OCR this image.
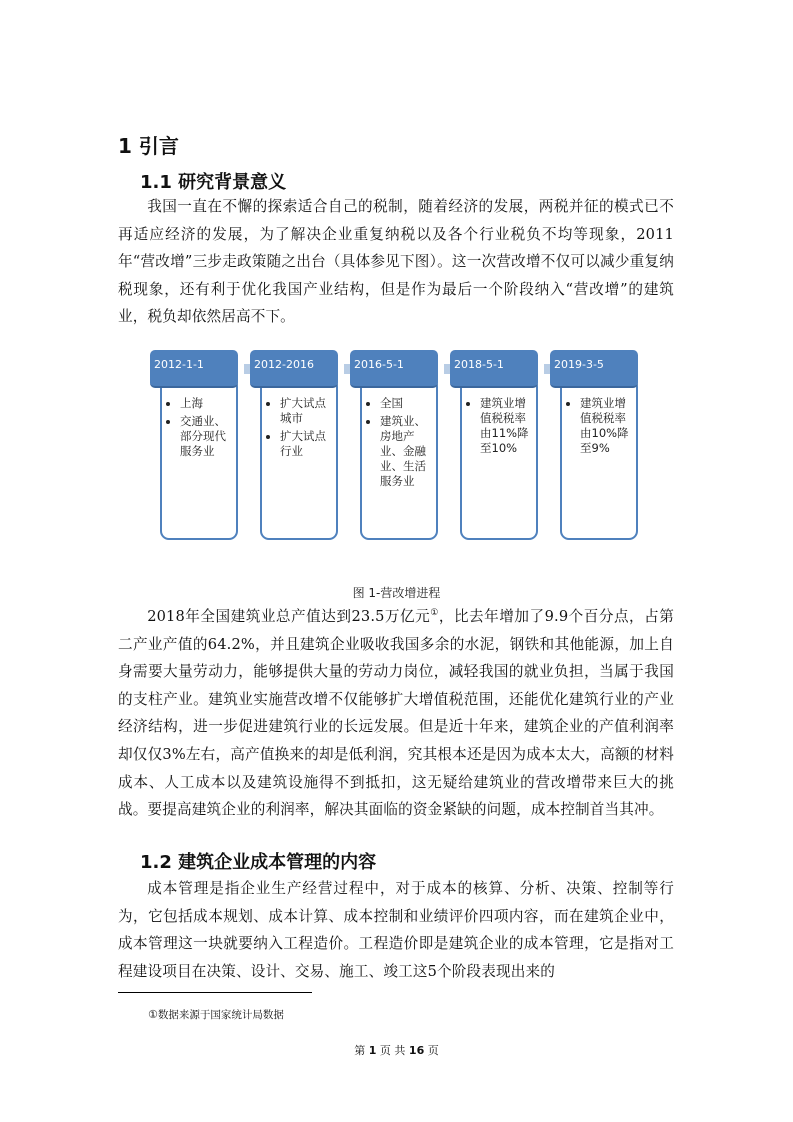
1 引言
1.1 研究背景意义
我国一直在不懈的探索适合自己的税制，随着经济的发展，两税并征的模式已不再适应经济的发展，为了解决企业重复纳税以及各个行业税负不均等现象，2011年“营改增”三步走政策随之出台（具体参见下图）。这一次营改增不仅可以减少重复纳税现象，还有利于优化我国产业结构，但是作为最后一个阶段纳入“营改增”的建筑业，税负却依然居高不下。
• 上海
• 交通业、部分现代服务业
2012-1-1
• 扩大试点城市
• 扩大试点行业
2012-2016
• 全国
• 建筑业、房地产业、金融业、生活服务业
2016-5-1
• 建筑业增值税税率由11%降至10%
2018-5-1
• 建筑业增值税税率由10%降至9%
2019-3-5
图 1-营改增进程
2018年全国建筑业总产值达到23.5万亿元①，比去年增加了9.9个百分点，占第二产业产值的64.2%，并且建筑企业吸收我国多余的水泥，钢铁和其他能源，加上自身需要大量劳动力，能够提供大量的劳动力岗位，减轻我国的就业负担，当属于我国的支柱产业。建筑业实施营改增不仅能够扩大增值税范围，还能优化建筑行业的产业经济结构，进一步促进建筑行业的长远发展。但是近十年来，建筑企业的产值利润率却仅仅3%左右，高产值换来的却是低利润，究其根本还是因为成本太大，高额的材料成本、人工成本以及建筑设施得不到抵扣，这无疑给建筑业的营改增带来巨大的挑战。要提高建筑企业的利润率，解决其面临的资金紧缺的问题，成本控制首当其冲。
1.2 建筑企业成本管理的内容
成本管理是指企业生产经营过程中，对于成本的核算、分析、决策、控制等行为，它包括成本规划、成本计算、成本控制和业绩评价四项内容，而在建筑企业中，成本管理这一块就要纳入工程造价。工程造价即是建筑企业的成本管理，它是指对工程建设项目在决策、设计、交易、施工、竣工这5个阶段表现出来的
①数据来源于国家统计局数据
第 1 页 共 16 页
